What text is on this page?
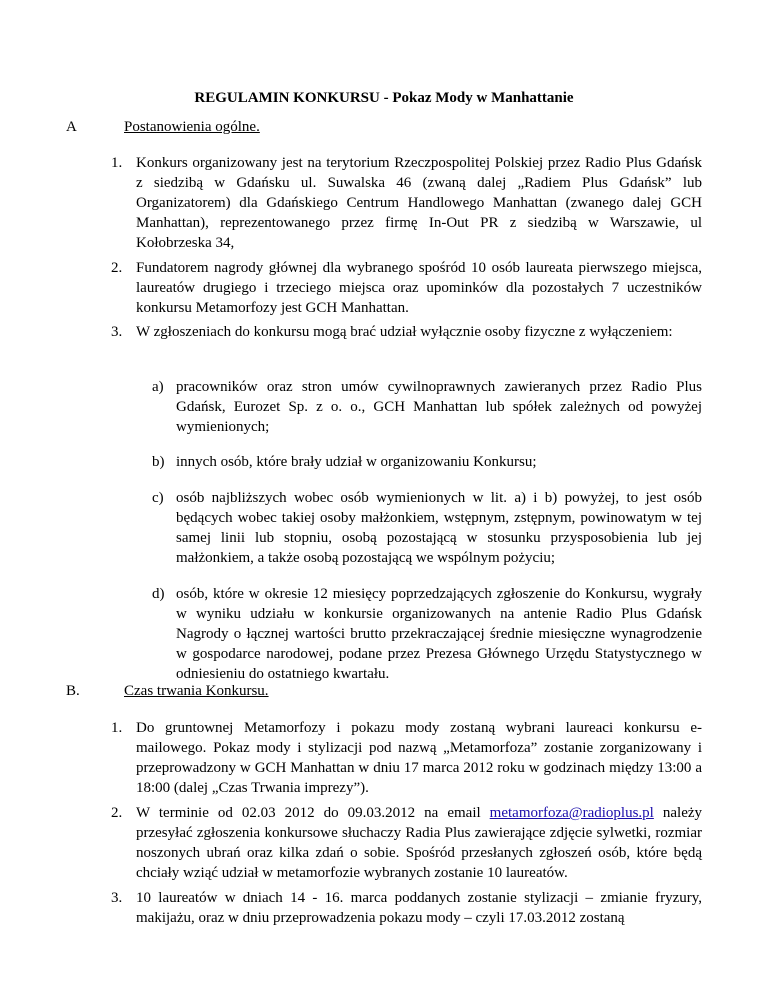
REGULAMIN KONKURSU - Pokaz Mody w Manhattanie
A	Postanowienia ogólne.
1. Konkurs organizowany jest na terytorium Rzeczpospolitej Polskiej przez Radio Plus Gdańsk z siedzibą w Gdańsku ul. Suwalska 46 (zwaną dalej „Radiem Plus Gdańsk” lub Organizatorem) dla Gdańskiego Centrum Handlowego Manhattan (zwanego dalej GCH Manhattan), reprezentowanego przez firmę In-Out PR z siedzibą w Warszawie, ul Kołobrzeska 34,
2. Fundatorem nagrody głównej dla wybranego spośród 10 osób laureata pierwszego miejsca, laureatów drugiego i trzeciego miejsca oraz upominków dla pozostałych 7 uczestników konkursu Metamorfozy jest GCH Manhattan.
3. W zgłoszeniach do konkursu mogą brać udział wyłącznie osoby fizyczne z wyłączeniem:
a) pracowników oraz stron umów cywilnoprawnych zawieranych przez Radio Plus Gdańsk, Eurozet Sp. z o. o., GCH Manhattan lub spółek zależnych od powyżej wymienionych;
b) innych osób, które brały udział w organizowaniu Konkursu;
c) osób najbliższych wobec osób wymienionych w lit. a) i b) powyżej, to jest osób będących wobec takiej osoby małżonkiem, wstępnym, zstępnym, powinowatym w tej samej linii lub stopniu, osobą pozostającą w stosunku przysposobienia lub jej małżonkiem, a także osobą pozostającą we wspólnym pożyciu;
d) osób, które w okresie 12 miesięcy poprzedzających zgłoszenie do Konkursu, wygrały w wyniku udziału w konkursie organizowanych na antenie Radio Plus Gdańsk Nagrody o łącznej wartości brutto przekraczającej średnie miesięczne wynagrodzenie w gospodarce narodowej, podane przez Prezesa Głównego Urzędu Statystycznego w odniesieniu do ostatniego kwartału.
B.	Czas trwania Konkursu.
1. Do gruntownej Metamorfozy i pokazu mody zostaną wybrani laureaci konkursu e-mailowego. Pokaz mody i stylizacji pod nazwą „Metamorfoza” zostanie zorganizowany i przeprowadzony w GCH Manhattan w dniu 17 marca 2012 roku w godzinach między 13:00 a 18:00 (dalej „Czas Trwania imprezy”).
2. W terminie od 02.03 2012 do 09.03.2012 na email metamorfoza@radioplus.pl należy przesyłać zgłoszenia konkursowe słuchaczy Radia Plus zawierające zdjęcie sylwetki, rozmiar noszonych ubrań oraz kilka zdań o sobie. Spośród przesłanych zgłoszeń osób, które będą chciały wziąć udział w metamorfozie wybranych zostanie 10 laureatów.
3. 10 laureatów w dniach 14 - 16. marca poddanych zostanie stylizacji – zmianie fryzury, makijażu, oraz w dniu przeprowadzenia pokazu mody – czyli 17.03.2012 zostaną
